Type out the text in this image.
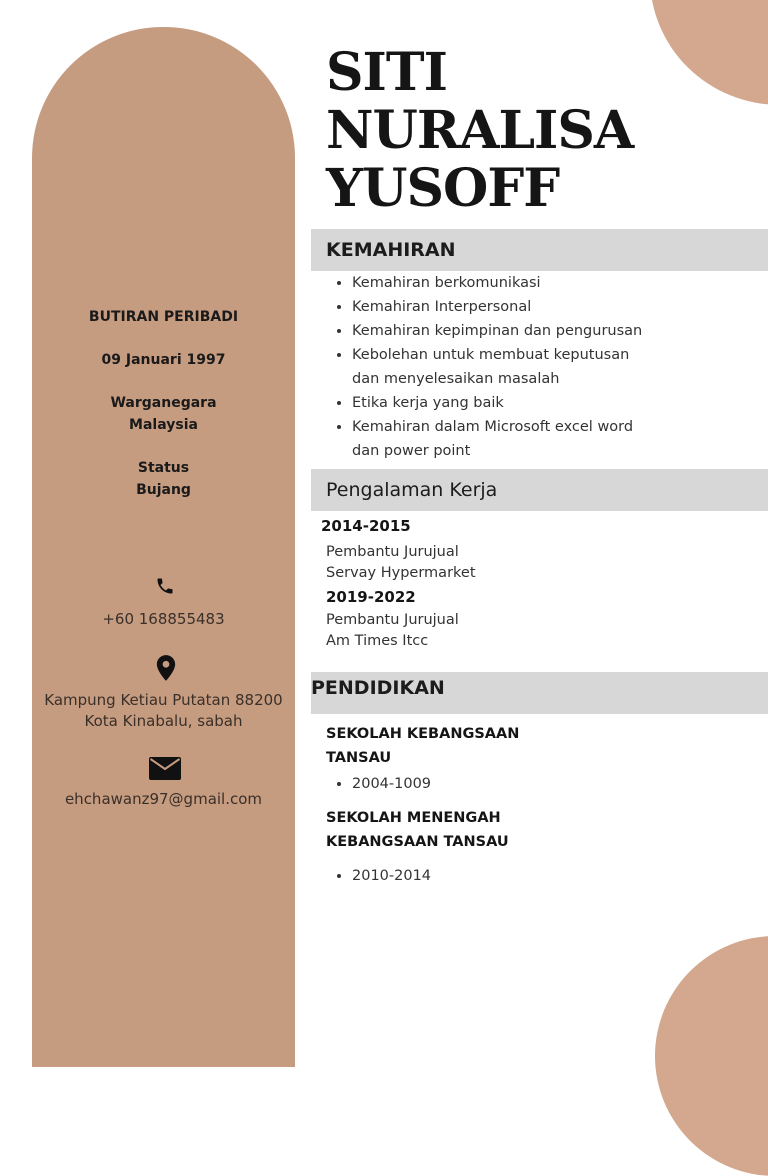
BUTIRAN PERIBADI
09 Januari 1997
Warganegara
Malaysia
Status
Bujang
+60 168855483
Kampung Ketiau Putatan 88200
Kota Kinabalu, sabah
ehchawanz97@gmail.com
SITI
NURALISA
YUSOFF
KEMAHIRAN
• Kemahiran berkomunikasi
• Kemahiran Interpersonal
• Kemahiran kepimpinan dan pengurusan
• Kebolehan untuk membuat keputusan dan menyelesaikan masalah
• Etika kerja yang baik
• Kemahiran dalam Microsoft excel word dan power point
Pengalaman Kerja
2014-2015
Pembantu Jurujual
Servay Hypermarket
2019-2022
Pembantu Jurujual
Am Times Itcc
PENDIDIKAN
SEKOLAH KEBANGSAAN
TANSAU
• 2004-1009
SEKOLAH MENENGAH
KEBANGSAAN TANSAU
• 2010-2014
